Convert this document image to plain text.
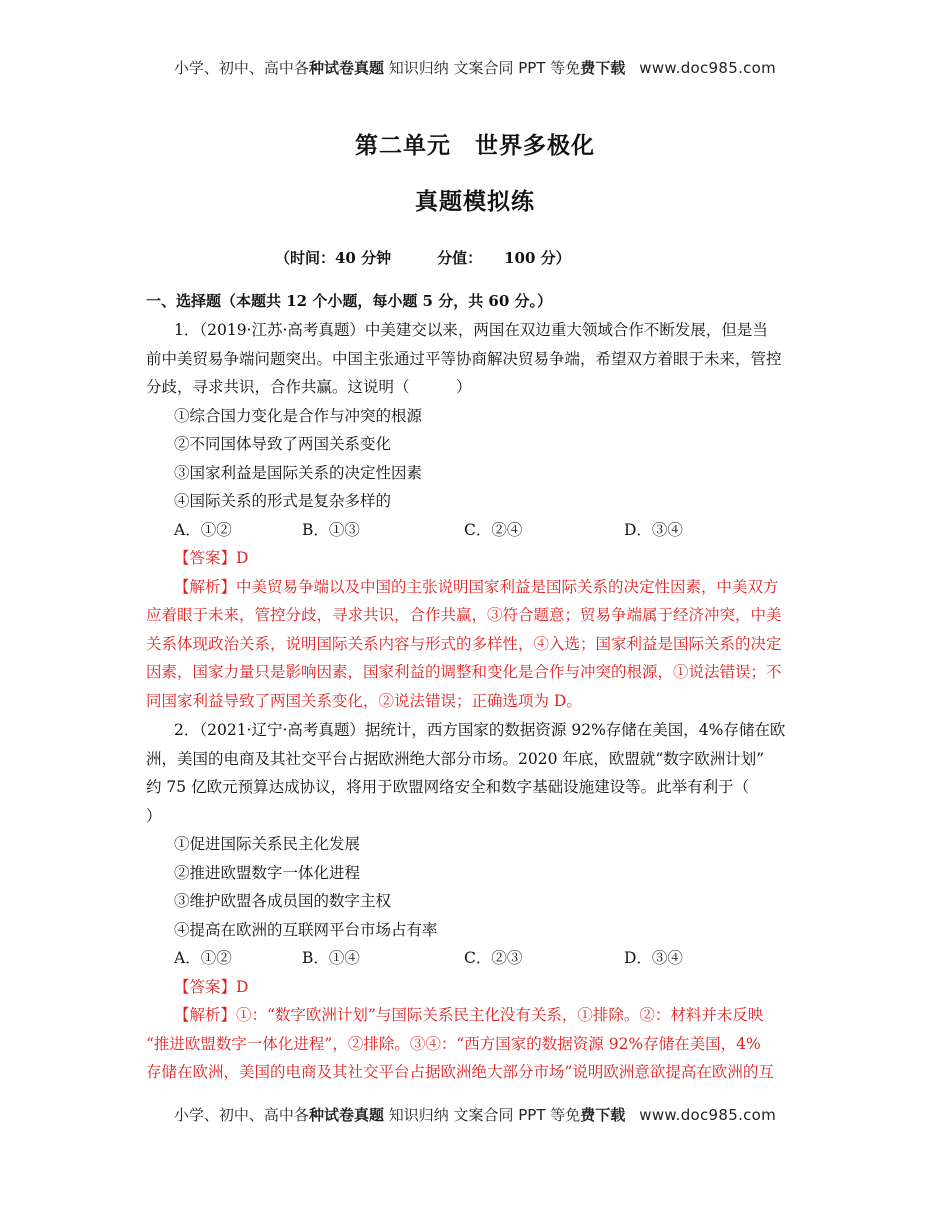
小学、初中、高中各种试卷真题 知识归纳 文案合同 PPT 等免费下载 www.doc985.com
第二单元　世界多极化
真题模拟练
（时间：40 分钟	分值： 100 分）
一、选择题（本题共 12 个小题，每小题 5 分，共 60 分。）

1．（2019·江苏·高考真题）中美建交以来，两国在双边重大领域合作不断发展，但是当

前中美贸易争端问题突出。中国主张通过平等协商解决贸易争端，希望双方着眼于未来，管控

分歧，寻求共识，合作共赢。这说明（　　　）

①综合国力变化是合作与冲突的根源

②不同国体导致了两国关系变化

③国家利益是国际关系的决定性因素

④国际关系的形式是复杂多样的

A．①②	B．①③	C．②④	D．③④

【答案】D

【解析】中美贸易争端以及中国的主张说明国家利益是国际关系的决定性因素，中美双方

应着眼于未来，管控分歧，寻求共识，合作共赢，③符合题意；贸易争端属于经济冲突，中美

关系体现政治关系，说明国际关系内容与形式的多样性，④入选；国家利益是国际关系的决定

因素，国家力量只是影响因素，国家利益的调整和变化是合作与冲突的根源，①说法错误；不

同国家利益导致了两国关系变化，②说法错误；正确选项为 D。

2．（2021·辽宁·高考真题）据统计，西方国家的数据资源 92%存储在美国，4%存储在欧

洲，美国的电商及其社交平台占据欧洲绝大部分市场。2020 年底，欧盟就“数字欧洲计划”

约 75 亿欧元预算达成协议，将用于欧盟网络安全和数字基础设施建设等。此举有利于（

）

①促进国际关系民主化发展

②推进欧盟数字一体化进程

③维护欧盟各成员国的数字主权

④提高在欧洲的互联网平台市场占有率

A．①②	B．①④	C．②③	D．③④

【答案】D

【解析】①：“数字欧洲计划”与国际关系民主化没有关系，①排除。②：材料并未反映

“推进欧盟数字一体化进程”，②排除。③④：“西方国家的数据资源 92%存储在美国，4%

存储在欧洲，美国的电商及其社交平台占据欧洲绝大部分市场”说明欧洲意欲提高在欧洲的互

小学、初中、高中各种试卷真题 知识归纳 文案合同 PPT 等免费下载 www.doc985.com
